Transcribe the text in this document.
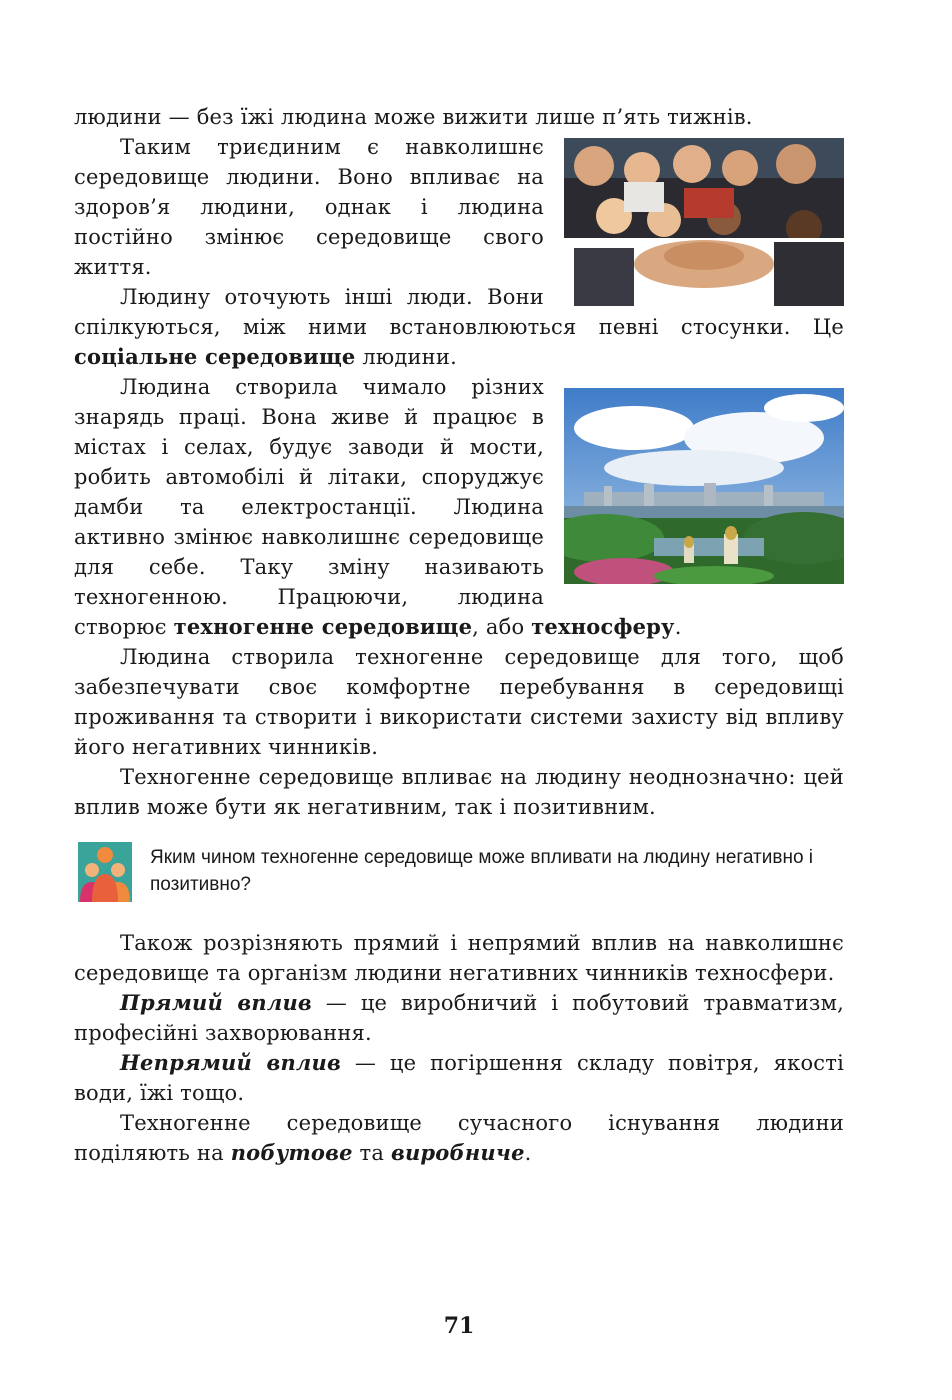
людини — без їжі людина може вижити лише п’ять тижнів.

Таким триєдиним є навколишнє середовище людини. Воно впливає на здоров’я людини, однак і людина постійно змінює середовище свого життя.

Людину оточують інші люди. Вони спілкуються, між ними встановлюються певні стосунки. Це соціальне середовище людини.

Людина створила чимало різних знарядь праці. Вона живе й працює в містах і селах, будує заводи й мости, робить автомобілі й літаки, споруджує дамби та електростанції. Людина активно змінює навколишнє середовище для себе. Таку зміну називають техногенною. Працюючи, людина створює техногенне середовище, або техносферу.

Людина створила техногенне середовище для того, щоб забезпечувати своє комфортне перебування в середовищі проживання та створити і використати системи захисту від впливу його негативних чинників.

Техногенне середовище впливає на людину неоднозначно: цей вплив може бути як негативним, так і позитивним.

Яким чином техногенне середовище може впливати на людину негативно і позитивно?

Також розрізняють прямий і непрямий вплив на навколишнє середовище та організм людини негативних чинників техносфери.

Прямий вплив — це виробничий і побутовий травматизм, професійні захворювання.

Непрямий вплив — це погіршення складу повітря, якості води, їжі тощо.

Техногенне середовище сучасного існування людини поділяють на побутове та виробниче.

71
